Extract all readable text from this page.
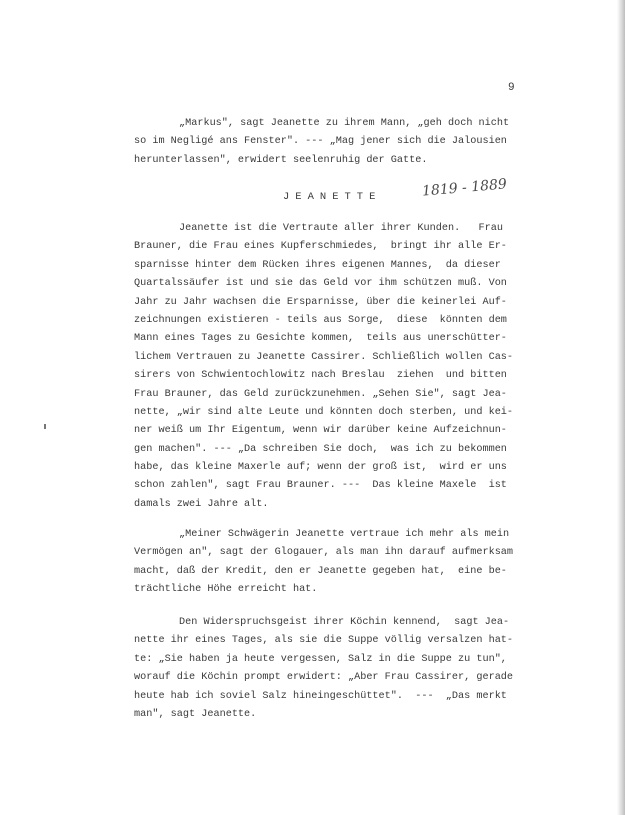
9
„Markus", sagt Jeanette zu ihrem Mann, „geh doch nicht
so im Negligé ans Fenster". --- „Mag jener sich die Jalousien
herunterlassen", erwidert seelenruhig der Gatte.
JEANETTE	1819 - 1889
Jeanette ist die Vertraute aller ihrer Kunden.   Frau
Brauner, die Frau eines Kupferschmiedes,  bringt ihr alle Er-
sparnisse hinter dem Rücken ihres eigenen Mannes,  da dieser
Quartalssäufer ist und sie das Geld vor ihm schützen muß. Von
Jahr zu Jahr wachsen die Ersparnisse, über die keinerlei Auf-
zeichnungen existieren - teils aus Sorge,  diese  könnten dem
Mann eines Tages zu Gesichte kommen,  teils aus unerschütter-
lichem Vertrauen zu Jeanette Cassirer. Schließlich wollen Cas-
sirers von Schwientochlowitz nach Breslau  ziehen  und bitten
Frau Brauner, das Geld zurückzunehmen. „Sehen Sie", sagt Jea-
nette, „wir sind alte Leute und könnten doch sterben, und kei-
ner weiß um Ihr Eigentum, wenn wir darüber keine Aufzeichnun-
gen machen". --- „Da schreiben Sie doch,  was ich zu bekommen
habe, das kleine Maxerle auf; wenn der groß ist,  wird er uns
schon zahlen", sagt Frau Brauner. ---  Das kleine Maxele  ist
damals zwei Jahre alt.
„Meiner Schwägerin Jeanette vertraue ich mehr als mein
Vermögen an", sagt der Glogauer, als man ihn darauf aufmerksam
macht, daß der Kredit, den er Jeanette gegeben hat,  eine be-
trächtliche Höhe erreicht hat.
Den Widerspruchsgeist ihrer Köchin kennend,  sagt Jea-
nette ihr eines Tages, als sie die Suppe völlig versalzen hat-
te: „Sie haben ja heute vergessen, Salz in die Suppe zu tun",
worauf die Köchin prompt erwidert: „Aber Frau Cassirer, gerade
heute hab ich soviel Salz hineingeschüttet".  ---  „Das merkt
man", sagt Jeanette.
